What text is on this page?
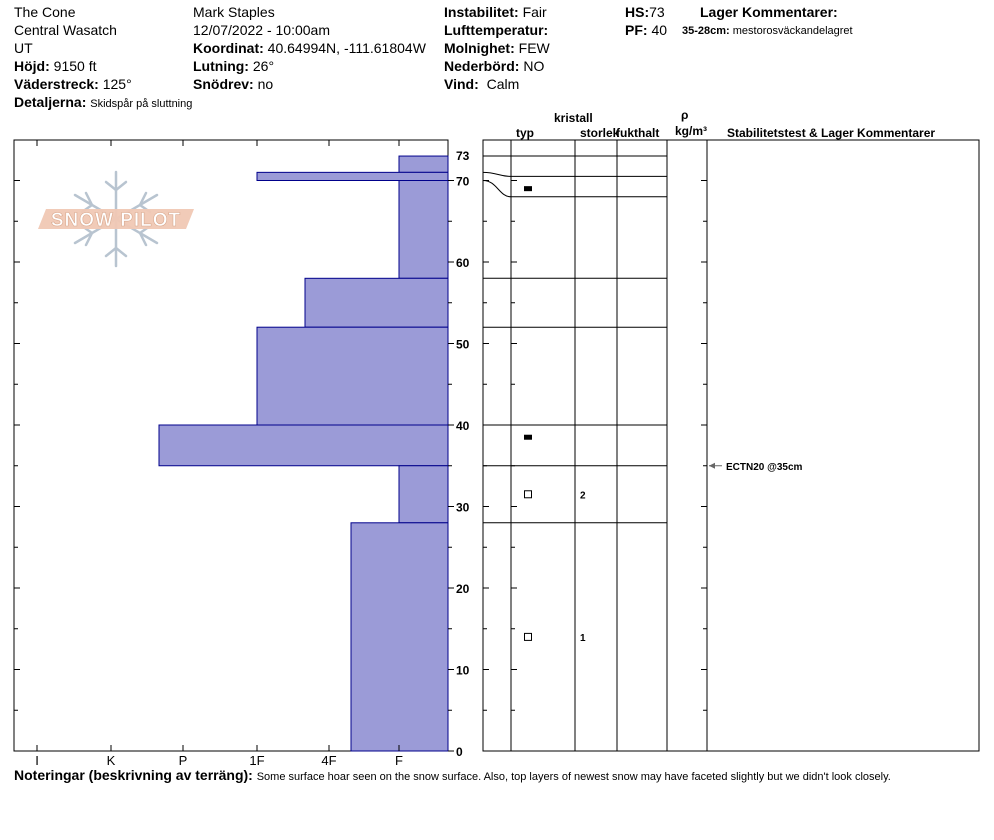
The Cone
Central Wasatch
UT
Höjd: 9150 ft
Väderstreck: 125°
Detaljerna: Skidspår på sluttning
Mark Staples
12/07/2022 - 10:00am
Koordinat: 40.64994N, -111.61804W
Lutning: 26°
Snödrev: no
Instabilitet: Fair
Lufttemperatur:
Molnighet: FEW
Nederbörd: NO
Vind: Calm
HS:73
PF: 40
Lager Kommentarer:
35-28cm: mestorosväckandelagret
kristall
typ	storlek
fukthalt
ρ
kg/m³ Stabilitetstest & Lager Kommentarer
SNOW PILOT
I	K	P	1F	4F	F
0
10
20
30
40
50
60
70
73
2
1
ECTN20 @35cm
Noteringar (beskrivning av terräng): Some surface hoar seen on the snow surface. Also, top layers of newest snow may have faceted slightly but we didn't look closely.
